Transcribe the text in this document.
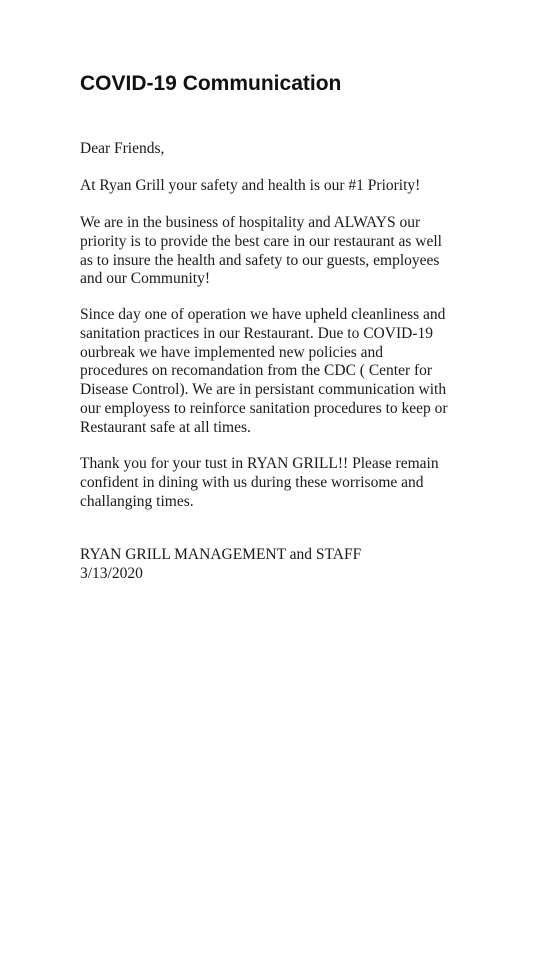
COVID-19 Communication
Dear Friends,
At Ryan Grill your safety and health is our #1 Priority!
We are in the business of hospitality and ALWAYS our
priority is to provide the best care in our restaurant as well
as to insure the health and safety to our guests, employees
and our Community!
Since day one of operation we have upheld cleanliness and
sanitation practices in our Restaurant. Due to COVID-19
ourbreak we have implemented new policies and
procedures on recomandation from the CDC ( Center for
Disease Control). We are in persistant communication with
our employess to reinforce sanitation procedures to keep or
Restaurant safe at all times.
Thank you for your tust in RYAN GRILL!! Please remain
confident in dining with us during these worrisome and
challanging times.
RYAN GRILL MANAGEMENT and STAFF
3/13/2020
